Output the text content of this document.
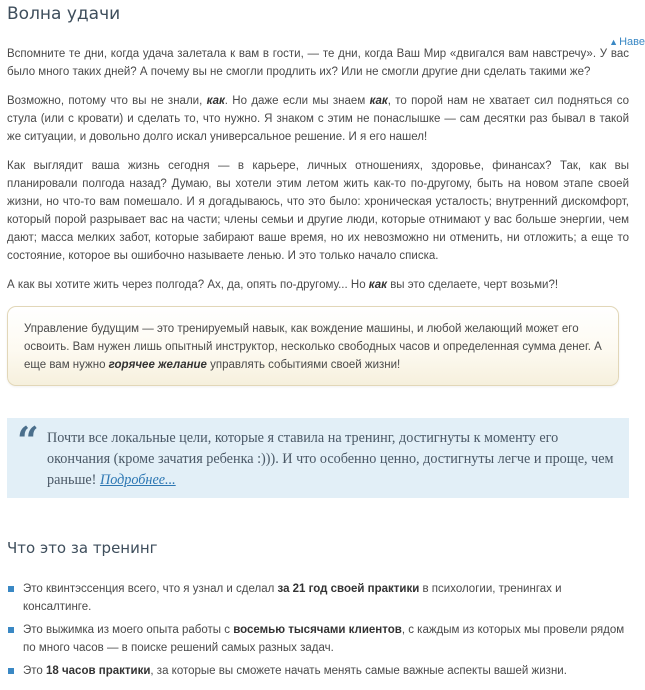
Волна удачи
▲Наве

Вспомните те дни, когда удача залетала к вам в гости, — те дни, когда Ваш Мир «двигался вам навстречу». У вас было много таких дней? А почему вы не смогли продлить их? Или не смогли другие дни сделать такими же?

Возможно, потому что вы не знали, как. Но даже если мы знаем как, то порой нам не хватает сил подняться со стула (или с кровати) и сделать то, что нужно. Я знаком с этим не понаслышке — сам десятки раз бывал в такой же ситуации, и довольно долго искал универсальное решение. И я его нашел!

Как выглядит ваша жизнь сегодня — в карьере, личных отношениях, здоровье, финансах? Так, как вы планировали полгода назад? Думаю, вы хотели этим летом жить как-то по-другому, быть на новом этапе своей жизни, но что-то вам помешало. И я догадываюсь, что это было: хроническая усталость; внутренний дискомфорт, который порой разрывает вас на части; члены семьи и другие люди, которые отнимают у вас больше энергии, чем дают; масса мелких забот, которые забирают ваше время, но их невозможно ни отменить, ни отложить; а еще то состояние, которое вы ошибочно называете ленью. И это только начало списка.

А как вы хотите жить через полгода? Ах, да, опять по-другому... Но как вы это сделаете, черт возьми?!

Управление будущим — это тренируемый навык, как вождение машины, и любой желающий может его освоить. Вам нужен лишь опытный инструктор, несколько свободных часов и определенная сумма денег. А еще вам нужно горячее желание управлять событиями своей жизни!

“ Почти все локальные цели, которые я ставила на тренинг, достигнуты к моменту его окончания (кроме зачатия ребенка :))). И что особенно ценно, достигнуты легче и проще, чем раньше! Подробнее...

Что это за тренинг
Это квинтэссенция всего, что я узнал и сделал за 21 год своей практики в психологии, тренингах и консалтинге.
Это выжимка из моего опыта работы с восемью тысячами клиентов, с каждым из которых мы провели рядом по много часов — в поиске решений самых разных задач.
Это 18 часов практики, за которые вы сможете начать менять самые важные аспекты вашей жизни.
